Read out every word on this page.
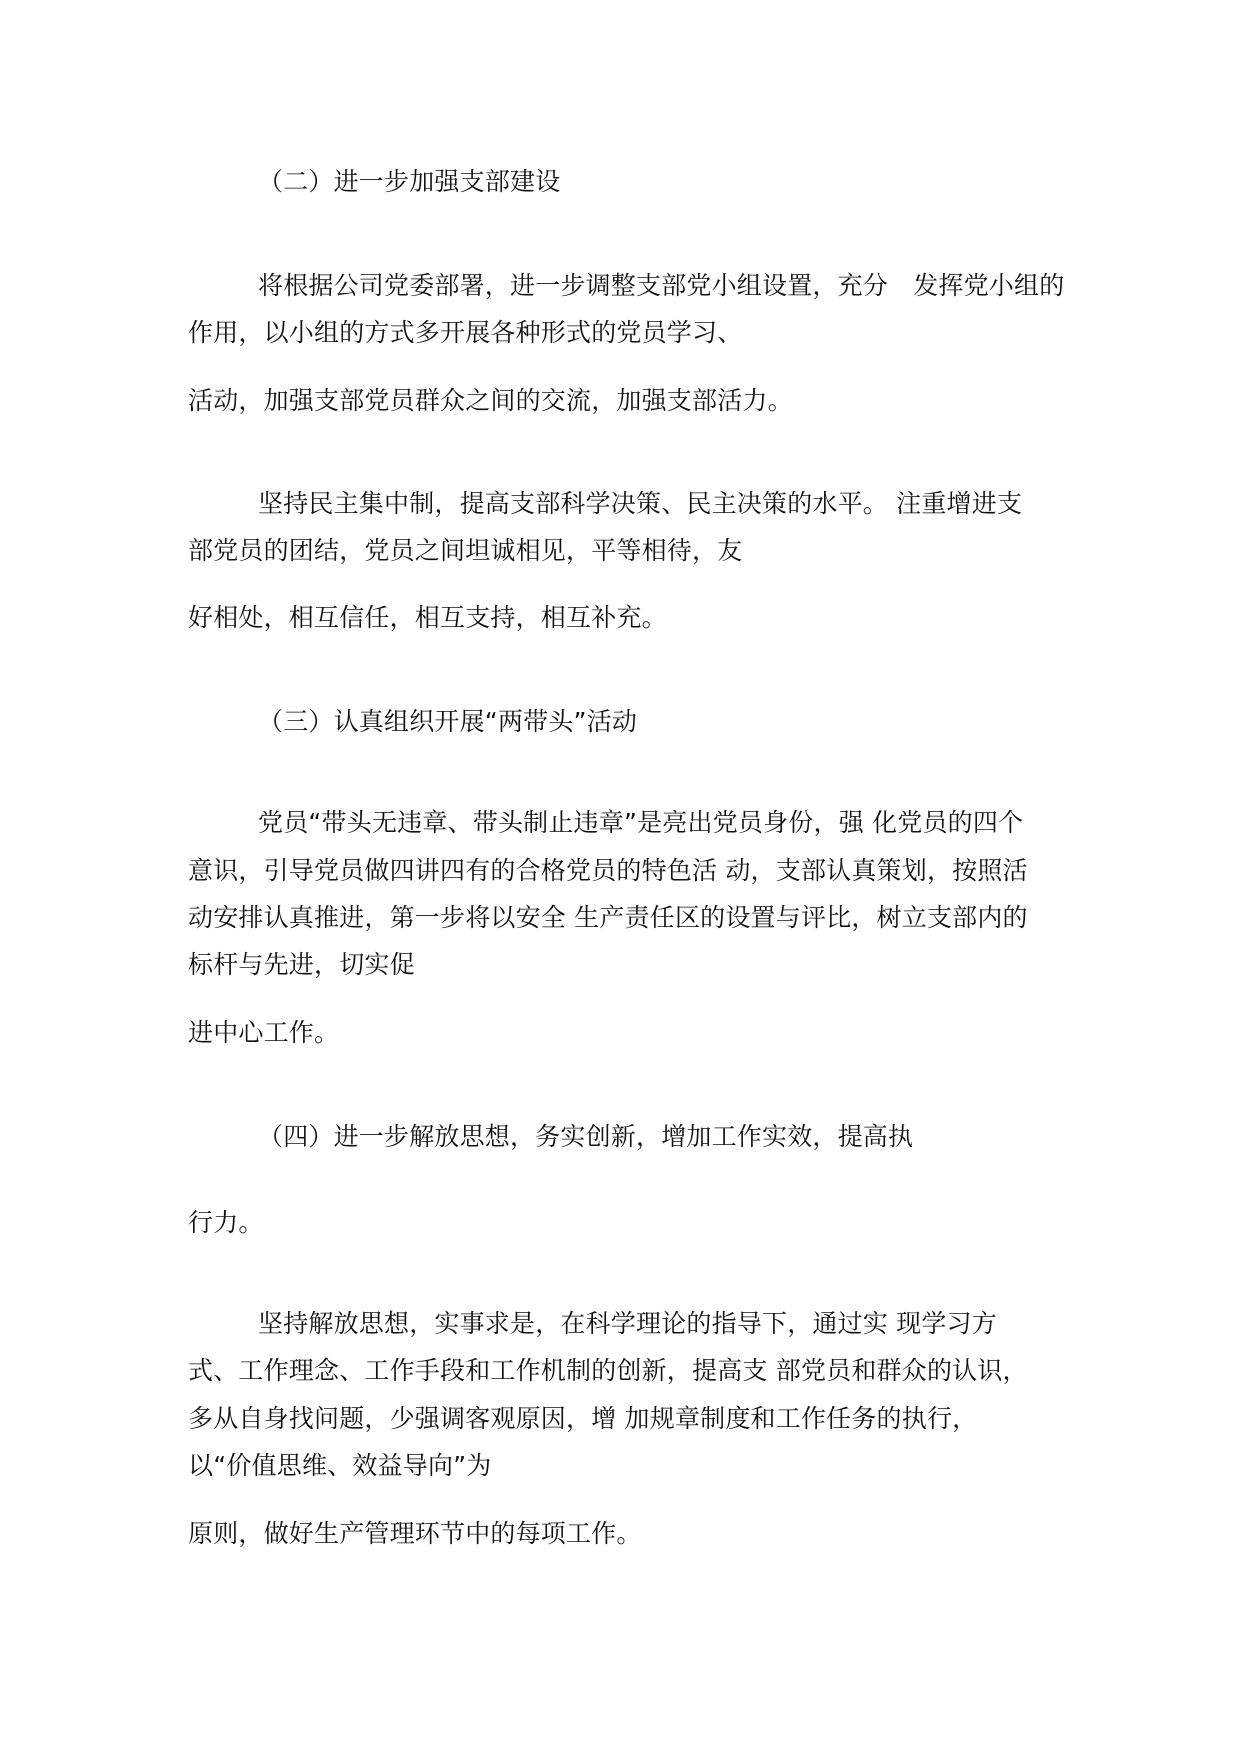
（二）进一步加强支部建设
将根据公司党委部署，进一步调整支部党小组设置，充分　发挥党小组的
作用，以小组的方式多开展各种形式的党员学习、
活动，加强支部党员群众之间的交流，加强支部活力。
坚持民主集中制，提高支部科学决策、民主决策的水平。 注重增进支
部党员的团结，党员之间坦诚相见，平等相待，友
好相处，相互信任，相互支持，相互补充。
（三）认真组织开展“两带头”活动
党员“带头无违章、带头制止违章”是亮出党员身份，强 化党员的四个
意识，引导党员做四讲四有的合格党员的特色活 动，支部认真策划，按照活
动安排认真推进，第一步将以安全 生产责任区的设置与评比，树立支部内的
标杆与先进，切实促
进中心工作。
（四）进一步解放思想，务实创新，增加工作实效，提高执
行力。
坚持解放思想，实事求是，在科学理论的指导下，通过实 现学习方
式、工作理念、工作手段和工作机制的创新，提高支 部党员和群众的认识，
多从自身找问题，少强调客观原因，增 加规章制度和工作任务的执行，
以“价值思维、效益导向”为
原则，做好生产管理环节中的每项工作。
